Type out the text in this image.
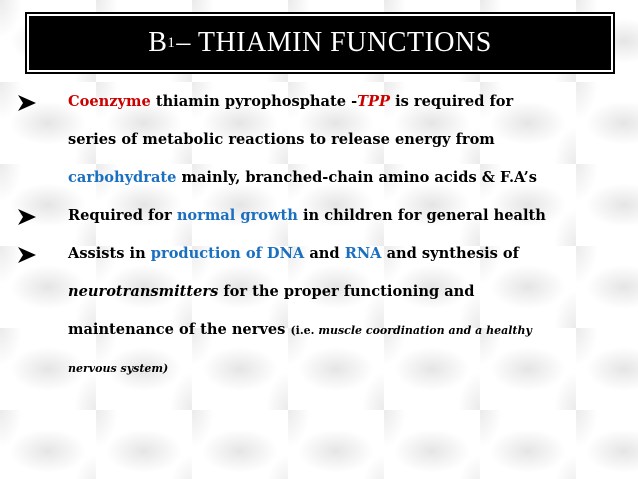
B 1 – THIAMIN FUNCTIONS
Coenzyme thiamin pyrophosphate -TPP is required for
series of metabolic reactions to release energy from
carbohydrate mainly, branched-chain amino acids & F.A’s
Required for normal growth in children for general health
Assists in production of DNA and RNA and synthesis of
neurotransmitters for the proper functioning and
maintenance of the nerves (i.e. muscle coordination and a healthy
nervous system)
